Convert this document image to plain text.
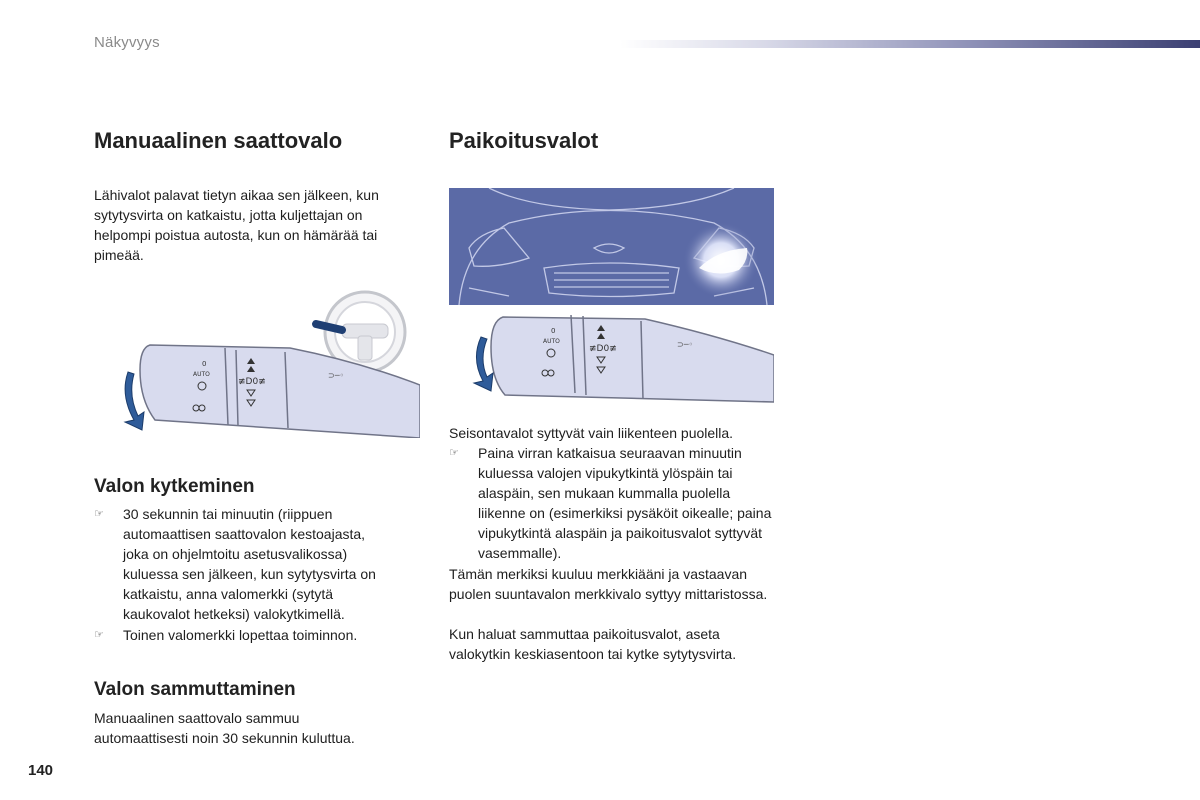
Näkyvyys
Manuaalinen saattovalo

Lähivalot palavat tietyn aikaa sen jälkeen, kun sytytysvirta on katkaistu, jotta kuljettajan on helpompi poistua autosta, kun on hämärää tai pimeää.

0
AUTO
≢D0≢
⊃─◦
Valon kytkeminen
☞	30 sekunnin tai minuutin (riippuen automaattisen saattovalon kestoajasta, joka on ohjelmtoitu asetusvalikossa) kuluessa sen jälkeen, kun sytytysvirta on katkaistu, anna valomerkki (sytytä kaukovalot hetkeksi) valokytkimellä.
☞	Toinen valomerkki lopettaa toiminnon.
Valon sammuttaminen

Manuaalinen saattovalo sammuu automaattisesti noin 30 sekunnin kuluttua.

Paikoitusvalot
0
AUTO
≢D0≢	⊃─◦

Seisontavalot syttyvät vain liikenteen puolella.

☞	Paina virran katkaisua seuraavan minuutin kuluessa valojen vipukytkintä ylöspäin tai alaspäin, sen mukaan kummalla puolella liikenne on (esimerkiksi pysäköit oikealle; paina vipukytkintä alaspäin ja paikoitusvalot syttyvät vasemmalle).

Tämän merkiksi kuuluu merkkiääni ja vastaavan puolen suuntavalon merkkivalo syttyy mittaristossa.

Kun haluat sammuttaa paikoitusvalot, aseta valokytkin keskiasentoon tai kytke sytytysvirta.

140
